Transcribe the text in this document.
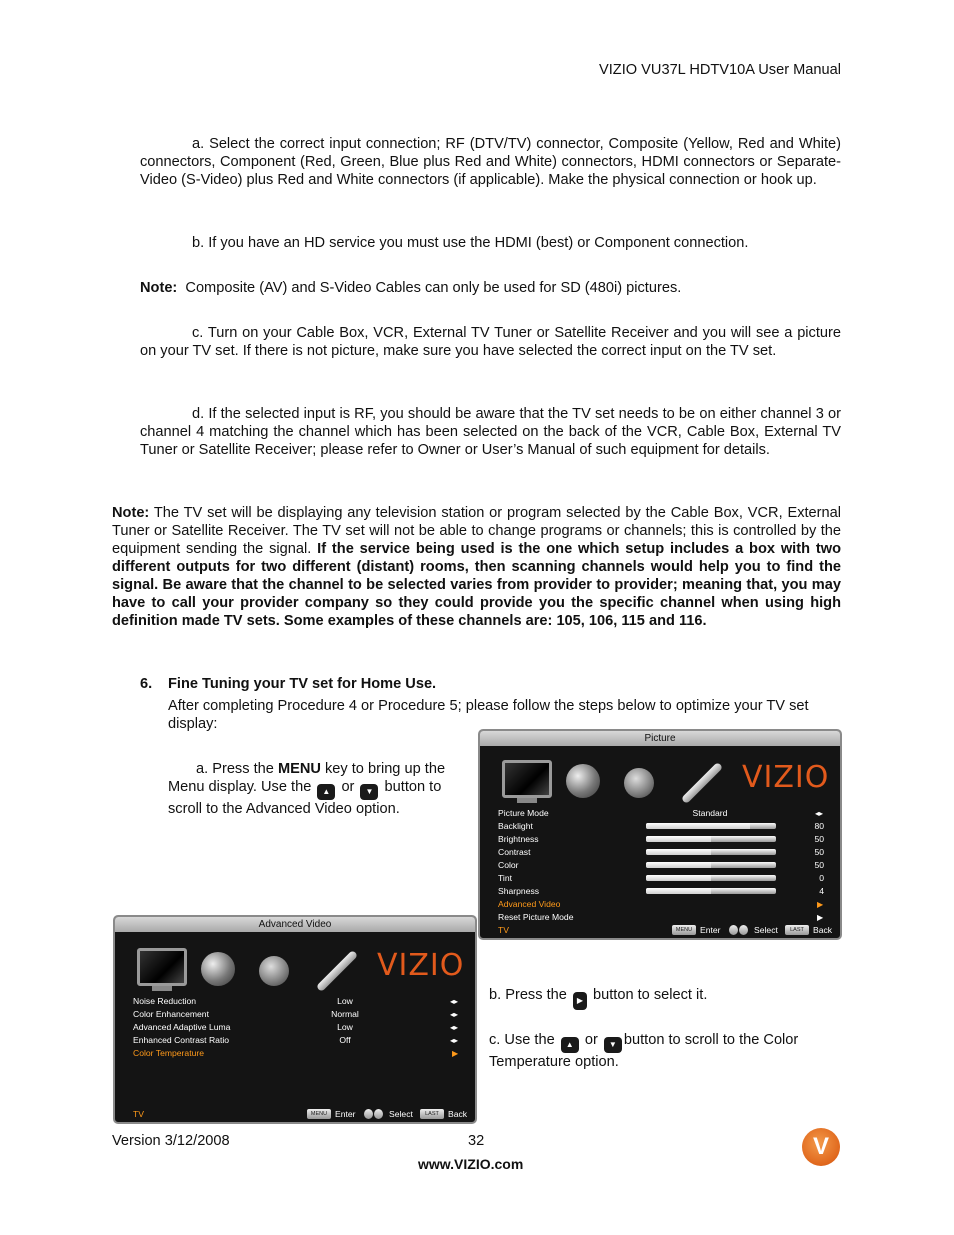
VIZIO VU37L HDTV10A User Manual
a. Select the correct input connection; RF (DTV/TV) connector, Composite (Yellow, Red and White) connectors, Component (Red, Green, Blue plus Red and White) connectors, HDMI connectors or Separate-Video (S-Video) plus Red and White connectors (if applicable). Make the physical connection or hook up.
b. If you have an HD service you must use the HDMI (best) or Component connection.
Note: Composite (AV) and S-Video Cables can only be used for SD (480i) pictures.
c. Turn on your Cable Box, VCR, External TV Tuner or Satellite Receiver and you will see a picture on your TV set. If there is not picture, make sure you have selected the correct input on the TV set.
d. If the selected input is RF, you should be aware that the TV set needs to be on either channel 3 or channel 4 matching the channel which has been selected on the back of the VCR, Cable Box, External TV Tuner or Satellite Receiver; please refer to Owner or User’s Manual of such equipment for details.
Note: The TV set will be displaying any television station or program selected by the Cable Box, VCR, External Tuner or Satellite Receiver. The TV set will not be able to change programs or channels; this is controlled by the equipment sending the signal. If the service being used is the one which setup includes a box with two different outputs for two different (distant) rooms, then scanning channels would help you to find the signal. Be aware that the channel to be selected varies from provider to provider; meaning that, you may have to call your provider company so they could provide you the specific channel when using high definition made TV sets. Some examples of these channels are: 105, 106, 115 and 116.
6. Fine Tuning your TV set for Home Use.
After completing Procedure 4 or Procedure 5; please follow the steps below to optimize your TV set display:
a. Press the MENU key to bring up the Menu display. Use the ▲ or ▼ button to scroll to the Advanced Video option.
Picture
VIZIO
Picture Mode	Standard	◂▸
Backlight	80
Brightness	50
Contrast	50
Color	50
Tint	0
Sharpness	4
Advanced Video	▶
Reset Picture Mode	▶
TV	MENU Enter	Select	LAST	Back
Advanced Video
VIZIO
Noise Reduction	Low	◂▸
Color Enhancement	Normal	◂▸
Advanced Adaptive Luma	Low	◂▸
Enhanced Contrast Ratio	Off	◂▸
Color Temperature	▶
TV	MENU Enter	Select	LAST	Back
b. Press the ▶ button to select it.
c. Use the ▲ or ▼ button to scroll to the Color Temperature option.
Version 3/12/2008	32
www.VIZIO.com
V
